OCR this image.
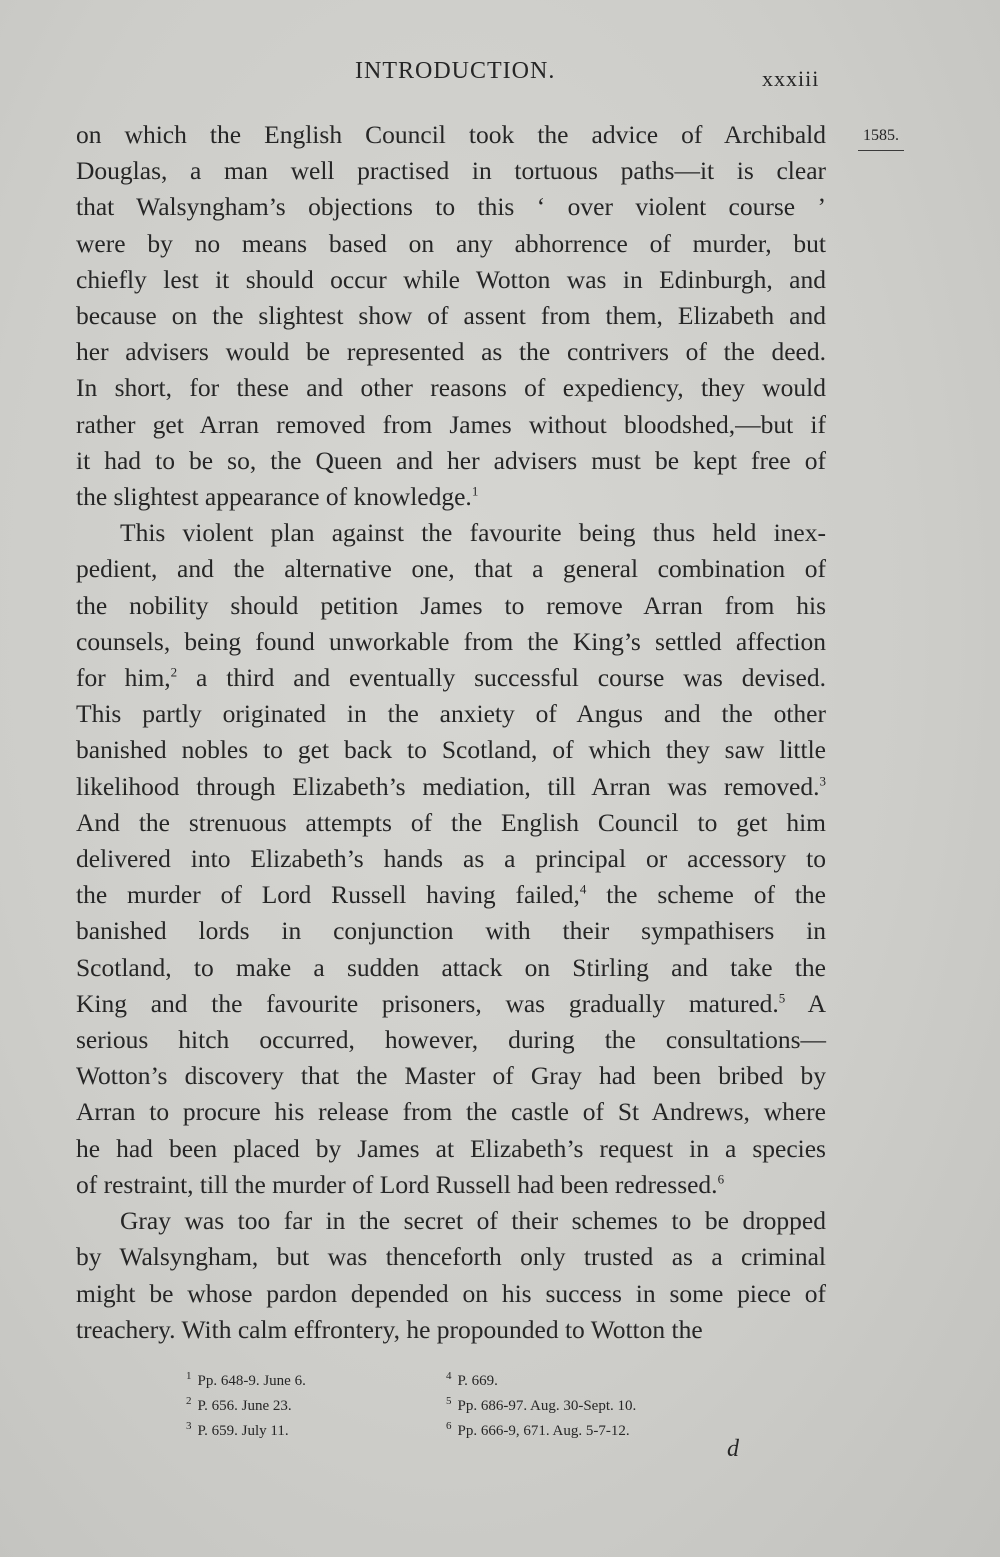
INTRODUCTION.	xxxiii
1585.
on which the English Council took the advice of Archibald
Douglas, a man well practised in tortuous paths—it is clear
that Walsyngham’s objections to this ‘ over violent course ’
were by no means based on any abhorrence of murder, but
chiefly lest it should occur while Wotton was in Edinburgh, and
because on the slightest show of assent from them, Elizabeth and
her advisers would be represented as the contrivers of the deed.
In short, for these and other reasons of expediency, they would
rather get Arran removed from James without bloodshed,—but if
it had to be so, the Queen and her advisers must be kept free of
the slightest appearance of knowledge.$^1$
This violent plan against the favourite being thus held inex-
pedient, and the alternative one, that a general combination of
the nobility should petition James to remove Arran from his
counsels, being found unworkable from the King’s settled affection
for him,$^2$ a third and eventually successful course was devised.
This partly originated in the anxiety of Angus and the other
banished nobles to get back to Scotland, of which they saw little
likelihood through Elizabeth’s mediation, till Arran was removed.$^3$
And the strenuous attempts of the English Council to get him
delivered into Elizabeth’s hands as a principal or accessory to
the murder of Lord Russell having failed,$^4$ the scheme of the
banished lords in conjunction with their sympathisers in
Scotland, to make a sudden attack on Stirling and take the
King and the favourite prisoners, was gradually matured.$^5$ A
serious hitch occurred, however, during the consultations—
Wotton’s discovery that the Master of Gray had been bribed by
Arran to procure his release from the castle of St Andrews, where
he had been placed by James at Elizabeth’s request in a species
of restraint, till the murder of Lord Russell had been redressed.$^6$
Gray was too far in the secret of their schemes to be dropped
by Walsyngham, but was thenceforth only trusted as a criminal
might be whose pardon depended on his success in some piece of
treachery. With calm effrontery, he propounded to Wotton the
$^1$ Pp. 648-9. June 6.
$^2$ P. 656. June 23.
$^3$ P. 659. July 11.
$^4$ P. 669.
$^5$ Pp. 686-97. Aug. 30-Sept. 10.
$^6$ Pp. 666-9, 671. Aug. 5-7-12.
d
